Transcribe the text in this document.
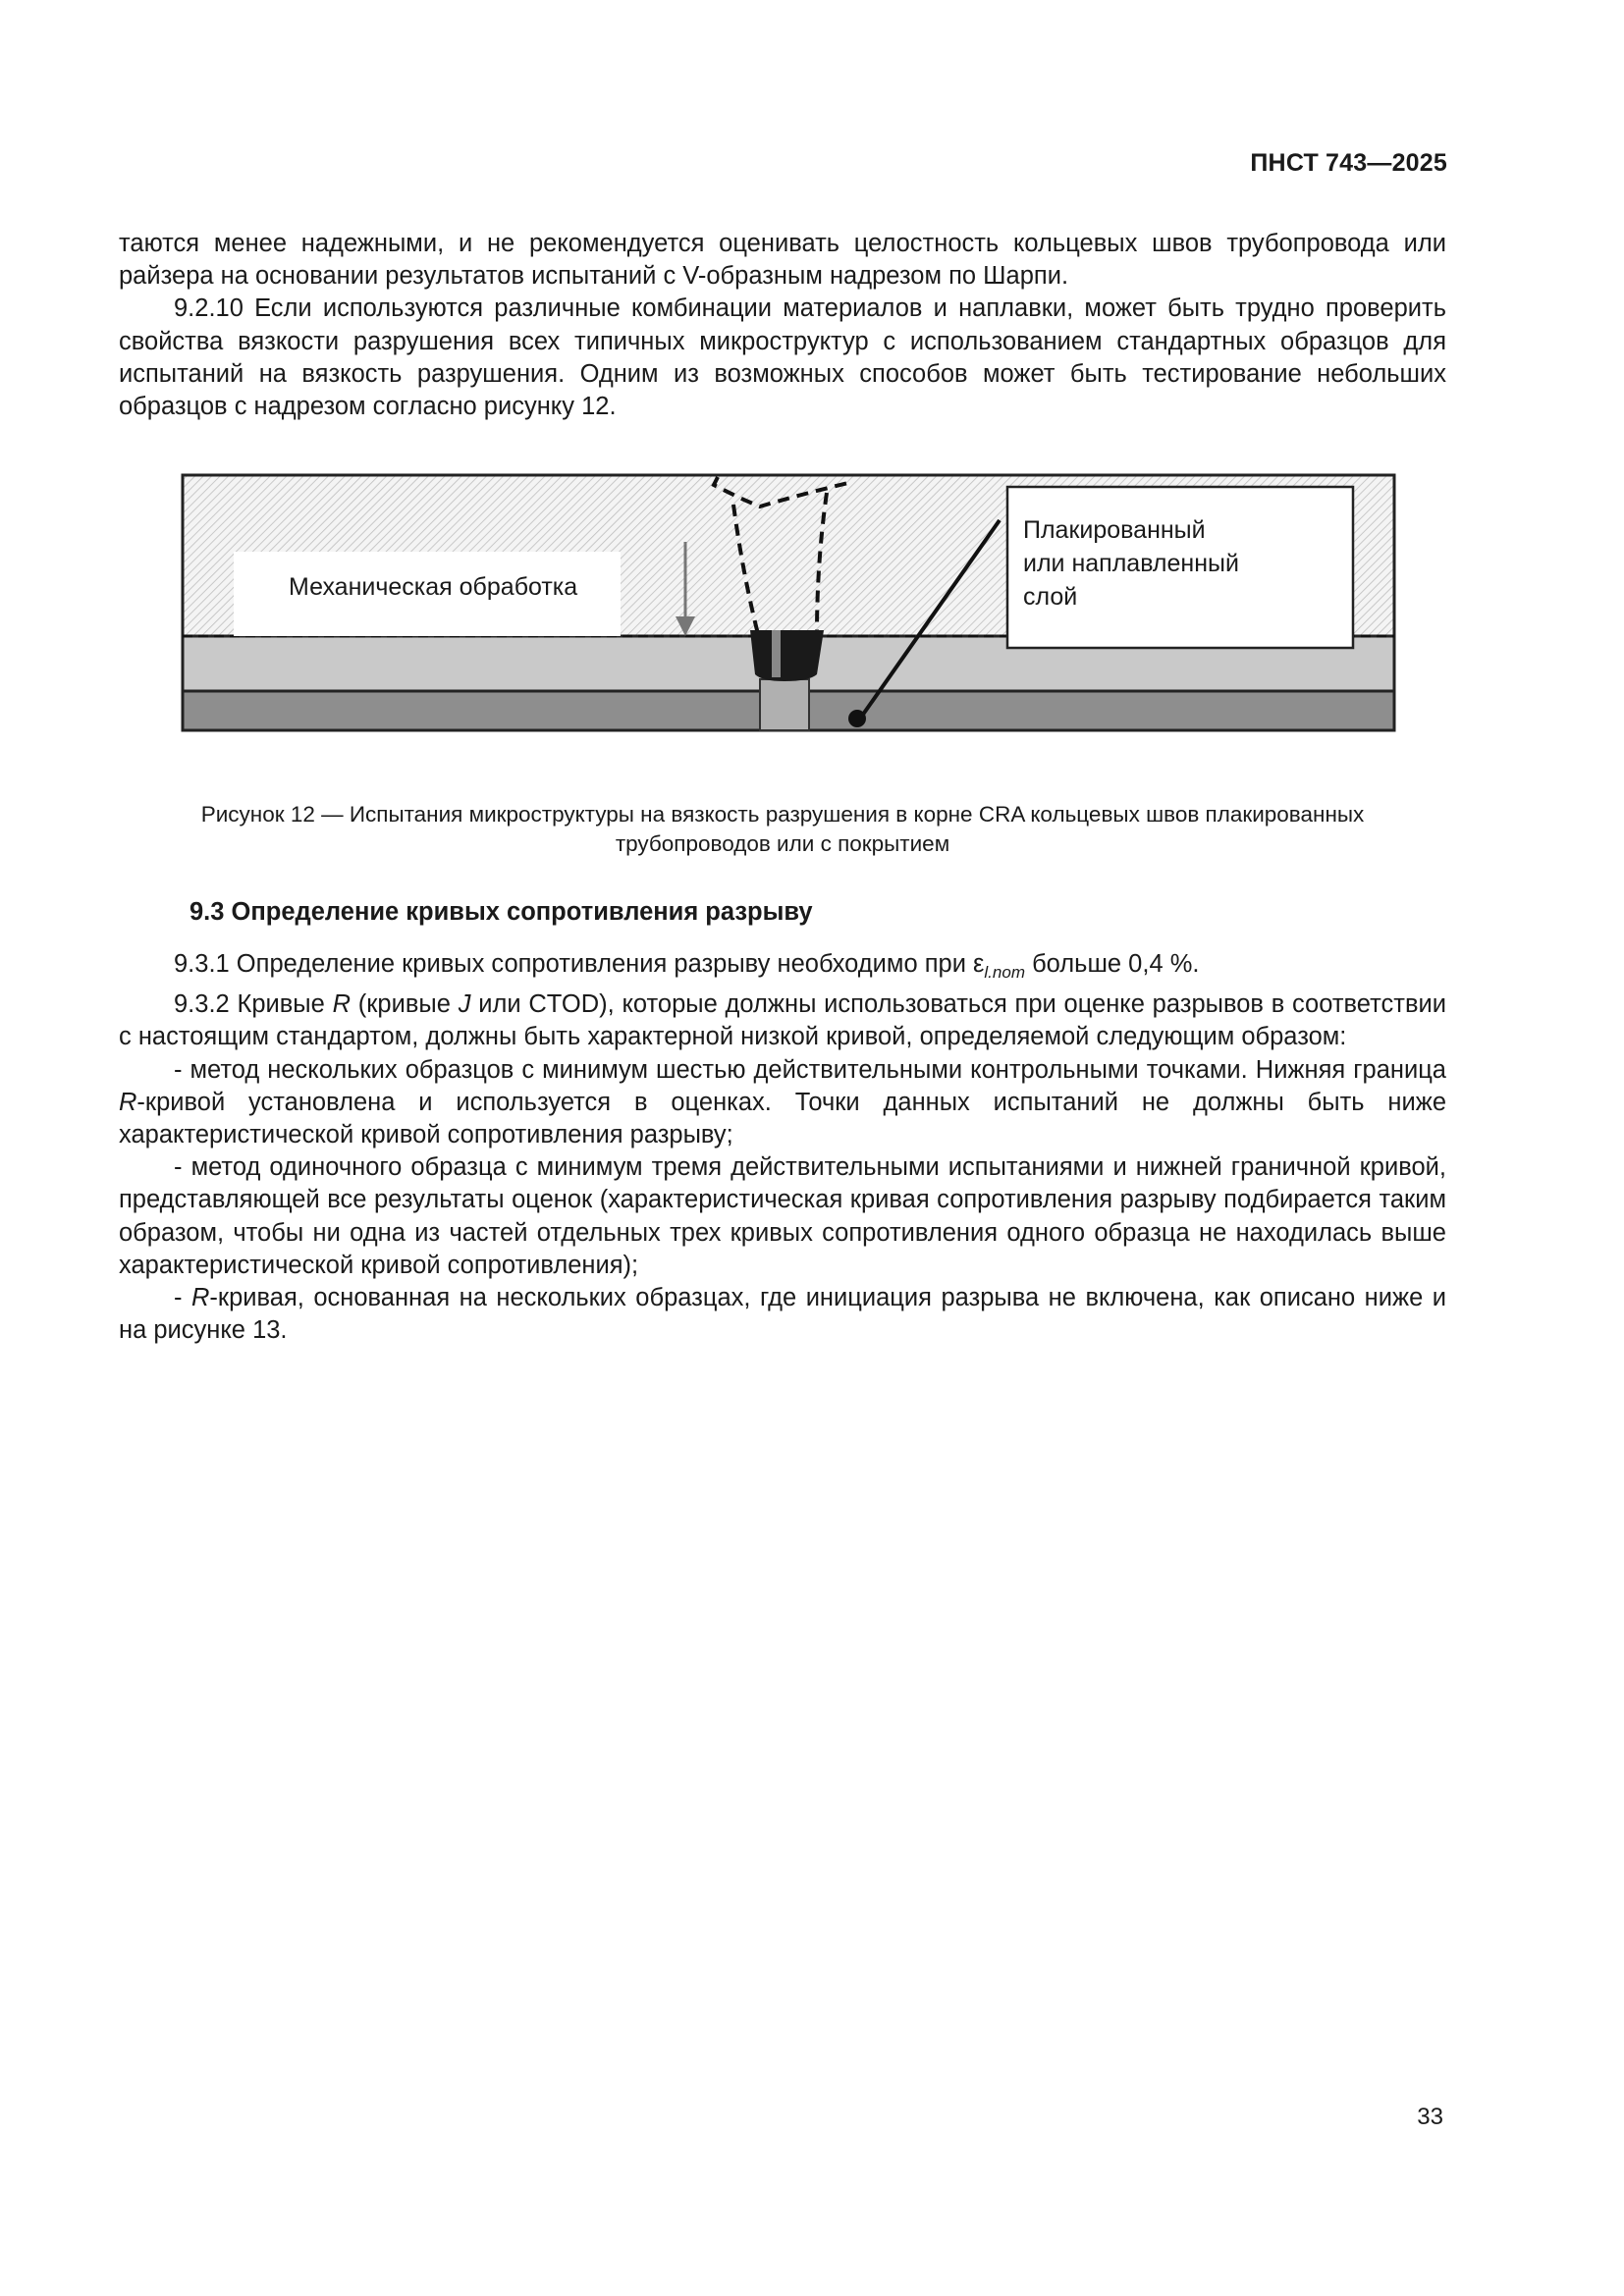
ПНСТ 743—2025

таются менее надежными, и не рекомендуется оценивать целостность кольцевых швов трубопровода или райзера на основании результатов испытаний с V-образным надрезом по Шарпи.

9.2.10 Если используются различные комбинации материалов и наплавки, может быть трудно проверить свойства вязкости разрушения всех типичных микроструктур с использованием стандартных образцов для испытаний на вязкость разрушения. Одним из возможных способов может быть тестирование небольших образцов с надрезом согласно рисунку 12.

Механическая обработка
Плакированный
или наплавленный
слой
Рисунок 12 — Испытания микроструктуры на вязкость разрушения в корне CRA кольцевых швов плакированных
трубопроводов или с покрытием
9.3 Определение кривых сопротивления разрыву

9.3.1 Определение кривых сопротивления разрыву необходимо при $\varepsilon_{l.nom}$ больше 0,4 %.

9.3.2 Кривые R (кривые J или CTOD), которые должны использоваться при оценке разрывов в соответствии с настоящим стандартом, должны быть характерной низкой кривой, определяемой следующим образом:

- метод нескольких образцов с минимум шестью действительными контрольными точками. Нижняя граница R-кривой установлена и используется в оценках. Точки данных испытаний не должны быть ниже характеристической кривой сопротивления разрыву;

- метод одиночного образца с минимум тремя действительными испытаниями и нижней граничной кривой, представляющей все результаты оценок (характеристическая кривая сопротивления разрыву подбирается таким образом, чтобы ни одна из частей отдельных трех кривых сопротивления одного образца не находилась выше характеристической кривой сопротивления);

- R-кривая, основанная на нескольких образцах, где инициация разрыва не включена, как описано ниже и на рисунке 13.

33
